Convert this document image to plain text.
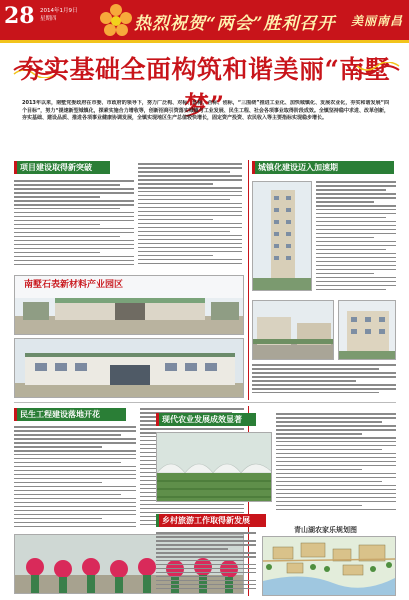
28 2014年1月9日
星期四	热烈祝贺“两会”胜利召开 美丽南昌
夯实基础全面构筑和谐美丽“南墅梦”
2013年以来，南墅党委政府在市委、市政府的领导下，努力广泛构、对标、达标，合标、创标，“三围绕”推进工业化、加快城镇化、发展农业化，夯实和谐发展“四个目标”，努力“提速新型城镇化，探索实施合力增收等，创新招商引资落实城镇与工业发展、民生工程、社会各项事业取得阶段成效。全镇坚持稳中求进、改革创新，夯实基础、建设品质、推进各项事业健康协调发展，全镇实现地区生产总值较快增长，固定资产投资、农民收入等主要指标实现稳步增长。
项目建设取得新突破
南墅石表新材料产业园区
城镇化建设迈入加速期
民生工程建设落地开花
现代农业发展成效显著
乡村旅游工作取得新发展
青山湖农家乐规划图
